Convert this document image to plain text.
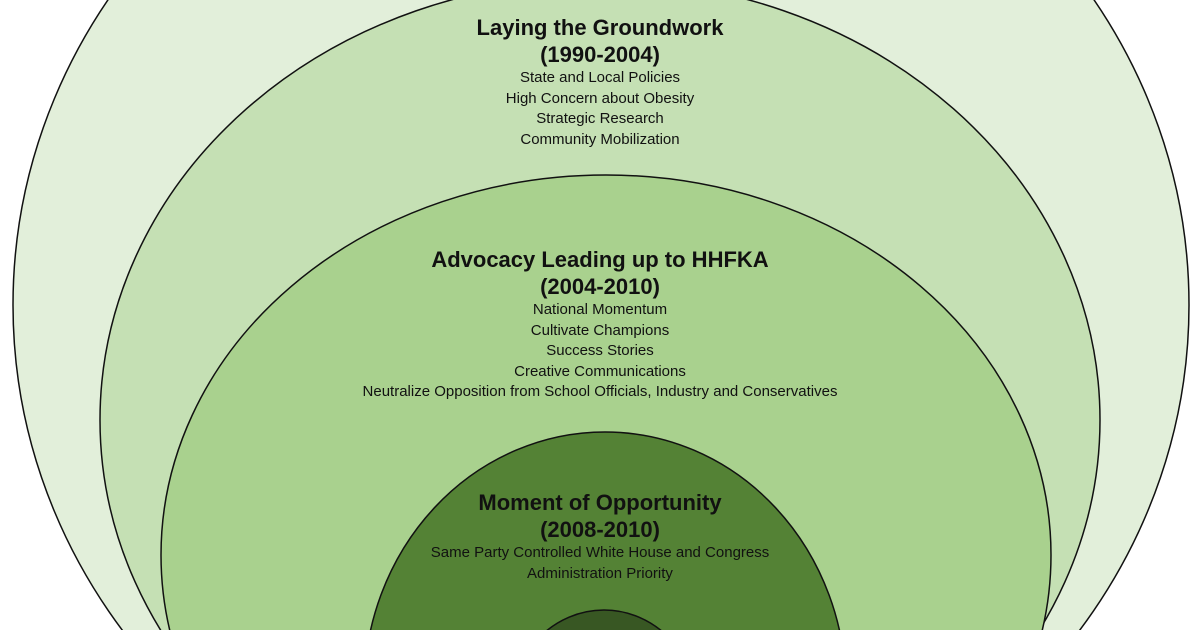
Laying the Groundwork
(1990-2004)
State and Local Policies
High Concern about Obesity
Strategic Research
Community Mobilization
Advocacy Leading up to HHFKA
(2004-2010)
National Momentum
Cultivate Champions
Success Stories
Creative Communications
Neutralize Opposition from School Officials, Industry and Conservatives
Moment of Opportunity
(2008-2010)
Same Party Controlled White House and Congress
Administration Priority
